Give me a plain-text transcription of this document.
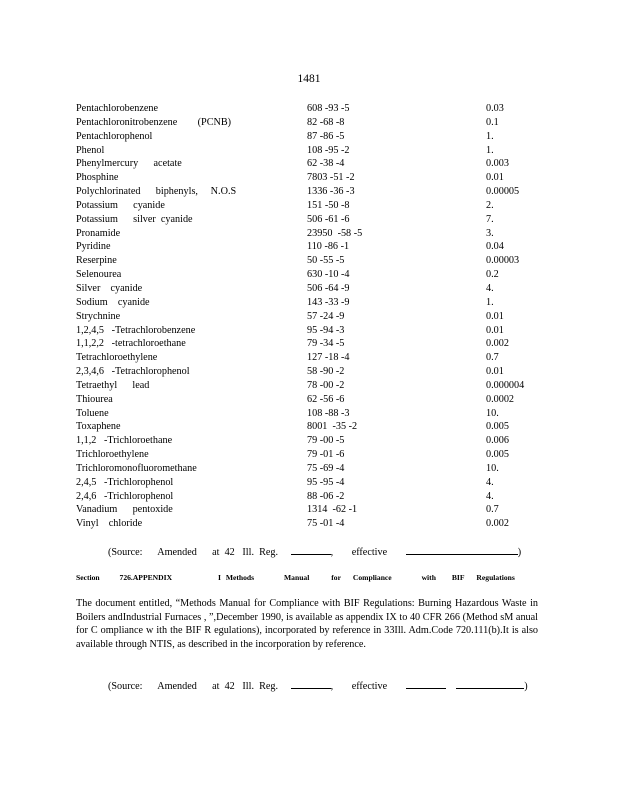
1481
Pentachlorobenzene	608 -93 -5	0.03
Pentachloronitrobenzene        (PCNB)	82 -68 -8	0.1
Pentachlorophenol	87 -86 -5	1.
Phenol	108 -95 -2	1.
Phenylmercury      acetate	62 -38 -4	0.003
Phosphine	7803 -51 -2	0.01
Polychlorinated      biphenyls,     N.O.S	1336 -36 -3	0.00005
Potassium      cyanide	151 -50 -8	2.
Potassium      silver  cyanide	506 -61 -6	7.
Pronamide	23950  -58 -5	3.
Pyridine	110 -86 -1	0.04
Reserpine	50 -55 -5	0.00003
Selenourea	630 -10 -4	0.2
Silver    cyanide	506 -64 -9	4.
Sodium    cyanide	143 -33 -9	1.
Strychnine	57 -24 -9	0.01
1,2,4,5   -Tetrachlorobenzene	95 -94 -3	0.01
1,1,2,2   -tetrachloroethane	79 -34 -5	0.002
Tetrachloroethylene	127 -18 -4	0.7
2,3,4,6   -Tetrachlorophenol	58 -90 -2	0.01
Tetraethyl      lead	78 -00 -2	0.000004
Thiourea	62 -56 -6	0.0002
Toluene	108 -88 -3	10.
Toxaphene	8001  -35 -2	0.005
1,1,2   -Trichloroethane	79 -00 -5	0.006
Trichloroethylene	79 -01 -6	0.005
Trichloromonofluoromethane	75 -69 -4	10.
2,4,5   -Trichlorophenol	95 -95 -4	4.
2,4,6   -Trichlorophenol	88 -06 -2	4.
Vanadium      pentoxide	1314  -62 -1	0.7
Vinyl    chloride	75 -01 -4	0.002
(Source:      Amended      at  42   Ill.  Reg.	, effective	)
Section	726.APPENDIX	I Methods	Manual	for Compliance	with BIF Regulations
The document entitled, “Methods Manual for Compliance with BIF Regulations: Burning Hazardous Waste in Boilers andIndustrial Furnaces , ”,December 1990, is available as appendix IX to 40 CFR 266 (Method sM anual for C ompliance w ith the BIF R egulations), incorporated by reference in 33Ill. Adm.Code 720.111(b).It is also available through NTIS, as described in the incorporation by reference.
(Source:      Amended      at  42   Ill.  Reg.	, effective	)
